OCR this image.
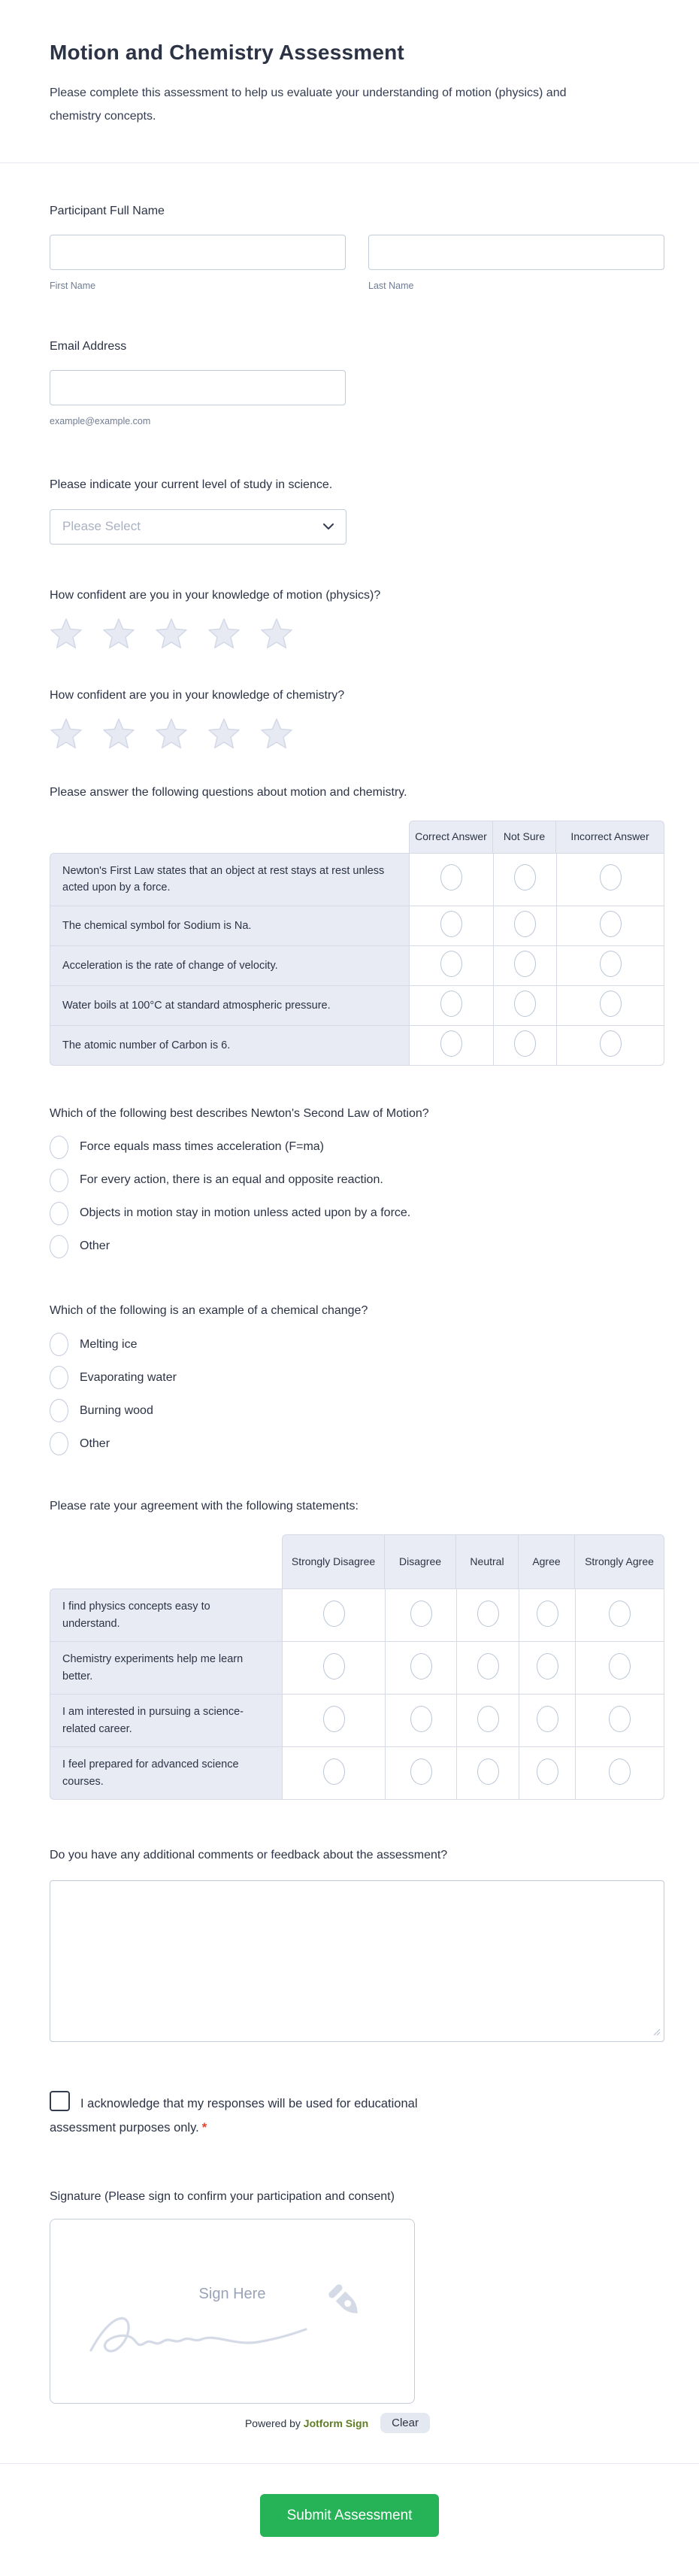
Motion and Chemistry Assessment

Please complete this assessment to help us evaluate your understanding of motion (physics) and chemistry concepts.

Participant Full Name
First Name	Last Name
Email Address
example@example.com
Please indicate your current level of study in science.
Please Select
How confident are you in your knowledge of motion (physics)?
How confident are you in your knowledge of chemistry?
Please answer the following questions about motion and chemistry.
	Correct Answer	Not Sure	Incorrect Answer
Newton's First Law states that an object at rest stays at rest unless acted upon by a force.			
The chemical symbol for Sodium is Na.			
Acceleration is the rate of change of velocity.			
Water boils at 100°C at standard atmospheric pressure.			
The atomic number of Carbon is 6.			
Which of the following best describes Newton's Second Law of Motion?
Force equals mass times acceleration (F=ma)
For every action, there is an equal and opposite reaction.
Objects in motion stay in motion unless acted upon by a force.
Other
Which of the following is an example of a chemical change?
Melting ice
Evaporating water
Burning wood
Other
Please rate your agreement with the following statements:
	Strongly Disagree	Disagree	Neutral	Agree	Strongly Agree
I find physics concepts easy to understand.					
Chemistry experiments help me learn better.					
I am interested in pursuing a science-related career.					
I feel prepared for advanced science courses.					
Do you have any additional comments or feedback about the assessment?
I acknowledge that my responses will be used for educational assessment purposes only. *
Signature (Please sign to confirm your participation and consent)
Sign Here
Powered by Jotform Sign	Clear
Submit Assessment
